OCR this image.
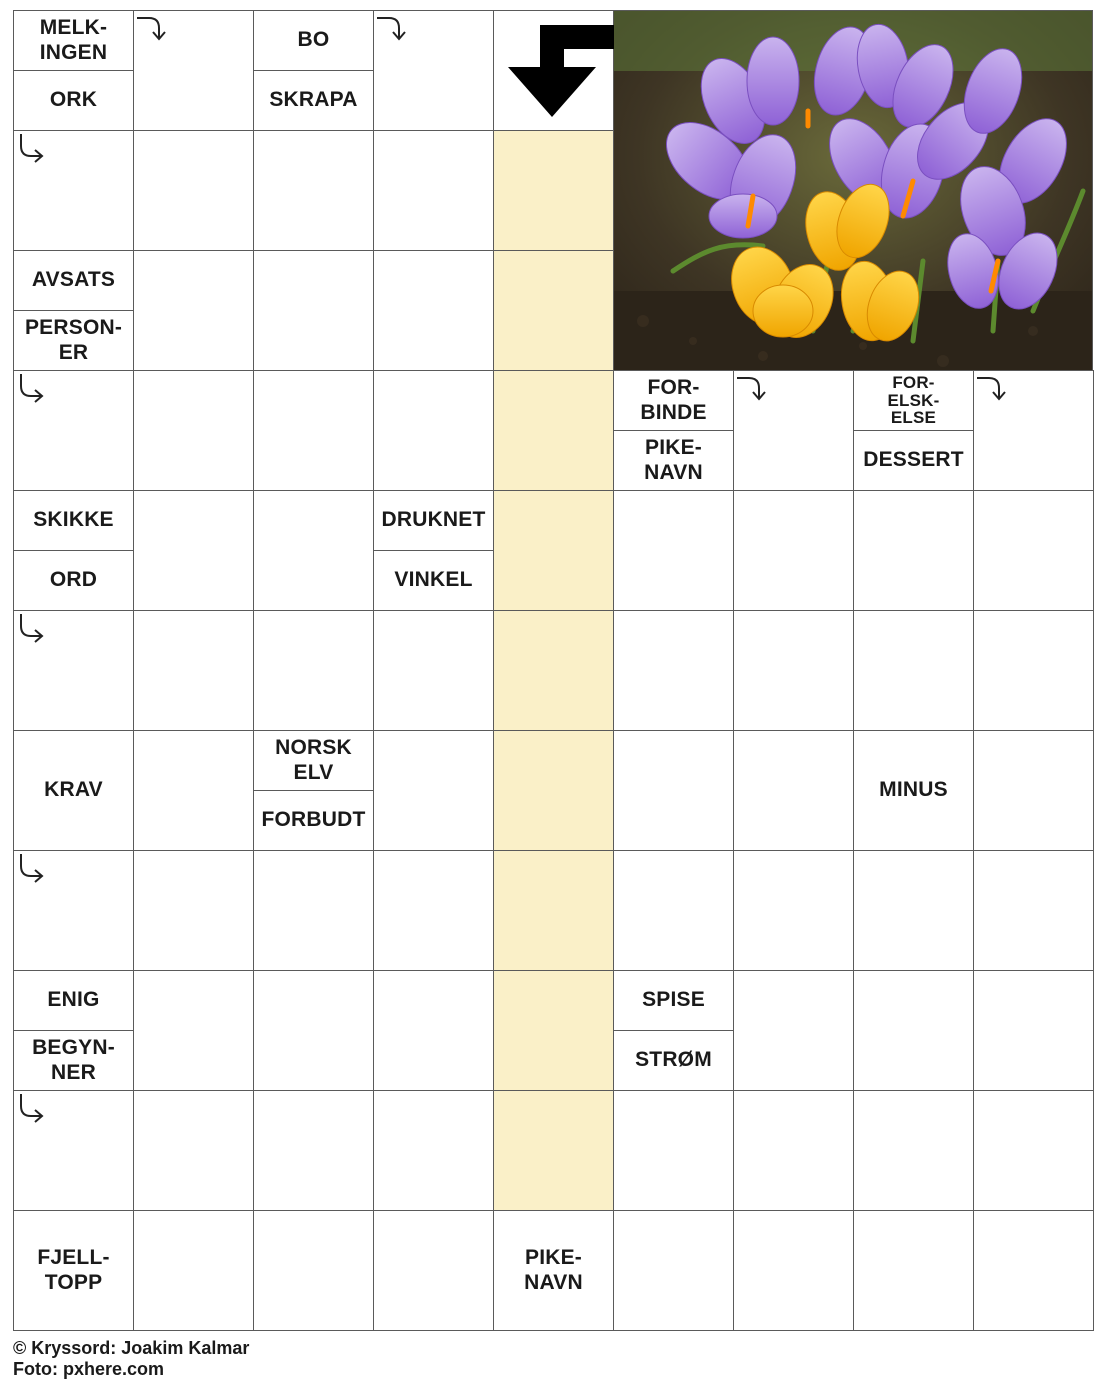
MELK-
INGEN
ORK
BO
SKRAPA
AVSATS
PERSON-
ER
FOR-
BINDE
PIKE-
NAVN
FOR-
ELSK-
ELSE
DESSERT
SKIKKE
ORD
DRUKNET
VINKEL
KRAV
NORSK
ELV
FORBUDT
MINUS
ENIG
BEGYN-
NER
SPISE
STRØM
FJELL-
TOPP
PIKE-
NAVN
© Kryssord: Joakim Kalmar
Foto: pxhere.com
